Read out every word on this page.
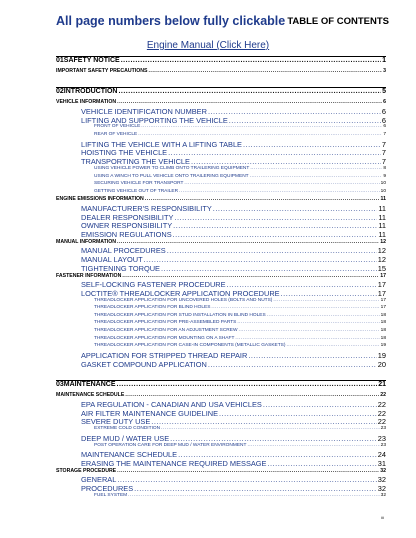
All page numbers below fully clickable TABLE OF CONTENTS
Engine Manual (Click Here)
01 SAFETY NOTICE .....	1
IMPORTANT SAFETY PRECAUTIONS .....	3
02 INTRODUCTION .....	5
VEHICLE INFORMATION .....	6
VEHICLE IDENTIFICATION NUMBER .....	6
LIFTING AND SUPPORTING THE VEHICLE .....	6
FRONT OF VEHICLE .....	6
REAR OF VEHICLE .....	7
LIFTING THE VEHICLE WITH A LIFTING TABLE .....	7
HOISTING THE VEHICLE .....	7
TRANSPORTING THE VEHICLE .....	7
USING VEHICLE POWER TO CLIMB ONTO TRAILERING EQUIPMENT .....	8
USING A WINCH TO PULL VEHICLE ONTO TRAILERING EQUIPMENT .....	9
SECURING VEHICLE FOR TRANSPORT .....	10
GETTING VEHICLE OUT OF TRAILER .....	10
ENGINE EMISSIONS INFORMATION .....	11
MANUFACTURER'S RESPONSIBILITY .....	11
DEALER RESPONSIBILITY .....	11
OWNER RESPONSIBILITY .....	11
EMISSION REGULATIONS .....	11
MANUAL INFORMATION .....	12
MANUAL PROCEDURES .....	12
MANUAL LAYOUT .....	12
TIGHTENING TORQUE .....	15
FASTENER INFORMATION .....	17
SELF-LOCKING FASTENER PROCEDURE .....	17
LOCTITE® THREADLOCKER APPLICATION PROCEDURE .....	17
THREADLOCKER APPLICATION FOR UNCOVERED HOLES (BOLTS AND NUTS) .....	17
THREADLOCKER APPLICATION FOR BLIND HOLES .....	17
THREADLOCKER APPLICATION FOR STUD INSTALLATION IN BLIND HOLES .....	18
THREADLOCKER APPLICATION FOR PRE-ASSEMBLED PARTS .....	18
THREADLOCKER APPLICATION FOR AN ADJUSTMENT SCREW .....	18
THREADLOCKER APPLICATION FOR MOUNTING ON A SHAFT .....	18
THREADLOCKER APPLICATION FOR CASE-IN COMPONENTS (METALLIC GASKETS) .....	19
APPLICATION FOR STRIPPED THREAD REPAIR .....	19
GASKET COMPOUND APPLICATION .....	20
03 MAINTENANCE .....	21
MAINTENANCE SCHEDULE .....	22
EPA REGULATION - CANADIAN AND USA VEHICLES .....	22
AIR FILTER MAINTENANCE GUIDELINE .....	22
SEVERE DUTY USE .....	22
EXTREME COLD CONDITION .....	23
DEEP MUD / WATER USE .....	23
POST OPERATION CARE FOR DEEP MUD / WATER ENVIRONMENT .....	23
MAINTENANCE SCHEDULE .....	24
ERASING THE MAINTENANCE REQUIRED MESSAGE .....	31
STORAGE PROCEDURE .....	32
GENERAL .....	32
PROCEDURES .....	32
FUEL SYSTEM .....	32
iii
